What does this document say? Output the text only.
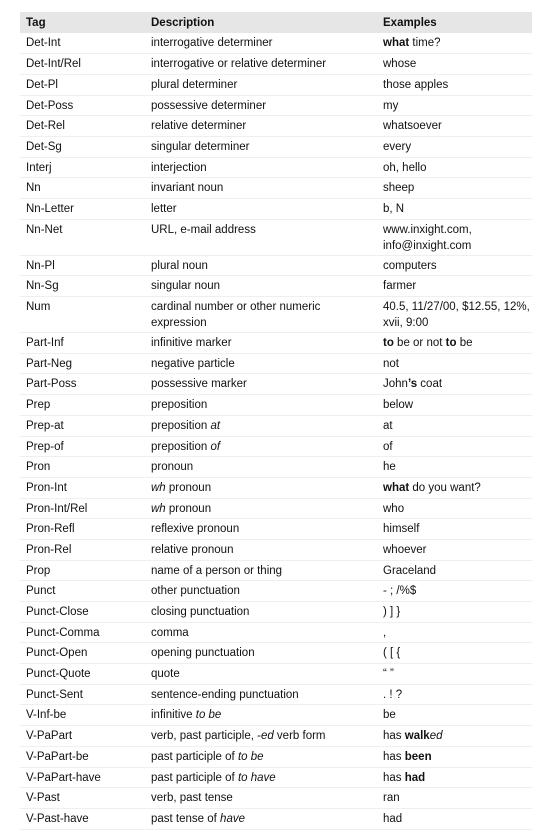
Tag	Description	Examples
Det-Int	interrogative determiner	what time?
Det-Int/Rel	interrogative or relative determiner	whose
Det-Pl	plural determiner	those apples
Det-Poss	possessive determiner	my
Det-Rel	relative determiner	whatsoever
Det-Sg	singular determiner	every
Interj	interjection	oh, hello
Nn	invariant noun	sheep
Nn-Letter	letter	b, N
Nn-Net	URL, e-mail address	www.inxight.com, info@inxight.com
Nn-Pl	plural noun	computers
Nn-Sg	singular noun	farmer
Num	cardinal number or other numeric expression	40.5, 11/27/00, $12.55, 12%, xvii, 9:00
Part-Inf	infinitive marker	to be or not to be
Part-Neg	negative particle	not
Part-Poss	possessive marker	John’s coat
Prep	preposition	below
Prep-at	preposition at	at
Prep-of	preposition of	of
Pron	pronoun	he
Pron-Int	wh pronoun	what do you want?
Pron-Int/Rel	wh pronoun	who
Pron-Refl	reflexive pronoun	himself
Pron-Rel	relative pronoun	whoever
Prop	name of a person or thing	Graceland
Punct	other punctuation	- ; /%$
Punct-Close	closing punctuation	) ] }
Punct-Comma	comma	,
Punct-Open	opening punctuation	( [ {
Punct-Quote	quote	“ ”
Punct-Sent	sentence-ending punctuation	. ! ?
V-Inf-be	infinitive to be	be
V-PaPart	verb, past participle, -ed verb form	has walked
V-PaPart-be	past participle of to be	has been
V-PaPart-have	past participle of to have	has had
V-Past	verb, past tense	ran
V-Past-have	past tense of have	had
